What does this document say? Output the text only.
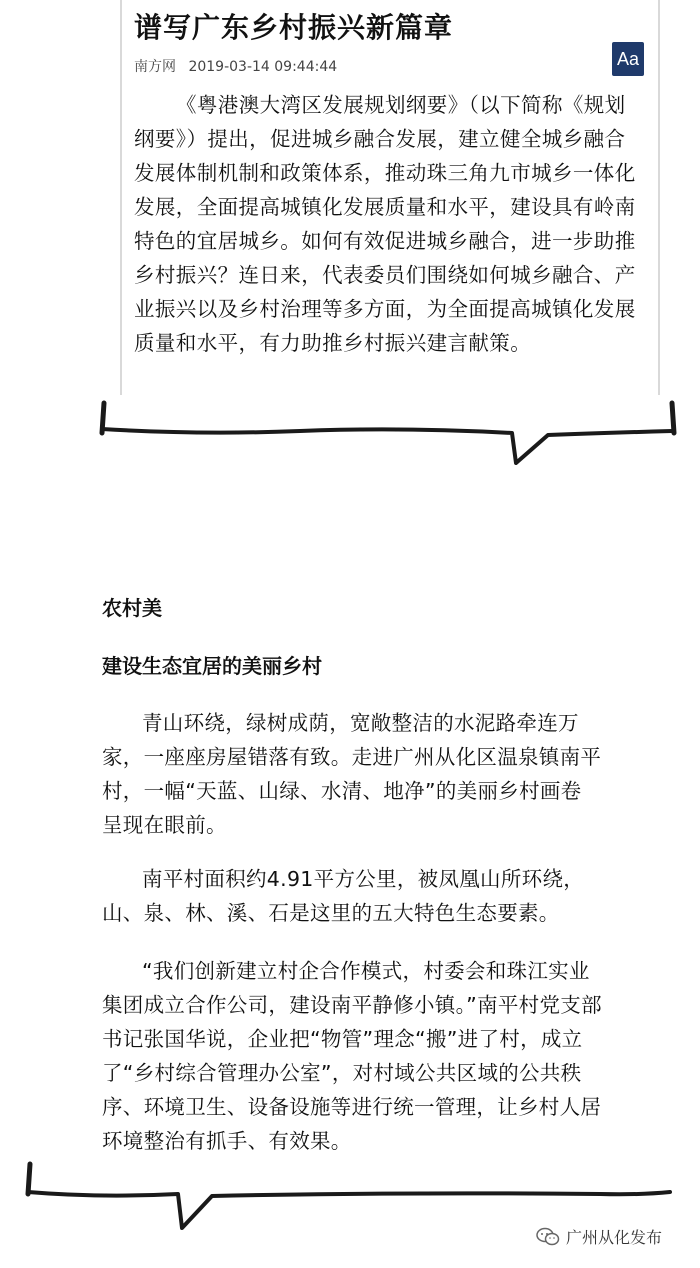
谱写广东乡村振兴新篇章
南方网 2019-03-14 09:44:44	Aa

《粤港澳大湾区发展规划纲要》（以下简称《规划纲要》）提出，促进城乡融合发展，建立健全城乡融合发展体制机制和政策体系，推动珠三角九市城乡一体化发展，全面提高城镇化发展质量和水平，建设具有岭南特色的宜居城乡。如何有效促进城乡融合，进一步助推乡村振兴？连日来，代表委员们围绕如何城乡融合、产业振兴以及乡村治理等多方面，为全面提高城镇化发展质量和水平，有力助推乡村振兴建言献策。

农村美
建设生态宜居的美丽乡村

青山环绕，绿树成荫，宽敞整洁的水泥路牵连万家，一座座房屋错落有致。走进广州从化区温泉镇南平村，一幅“天蓝、山绿、水清、地净”的美丽乡村画卷呈现在眼前。

南平村面积约4.91平方公里，被凤凰山所环绕，山、泉、林、溪、石是这里的五大特色生态要素。

“我们创新建立村企合作模式，村委会和珠江实业集团成立合作公司，建设南平静修小镇。”南平村党支部书记张国华说，企业把“物管”理念“搬”进了村，成立了“乡村综合管理办公室”，对村域公共区域的公共秩序、环境卫生、设备设施等进行统一管理，让乡村人居环境整治有抓手、有效果。

广州从化发布
